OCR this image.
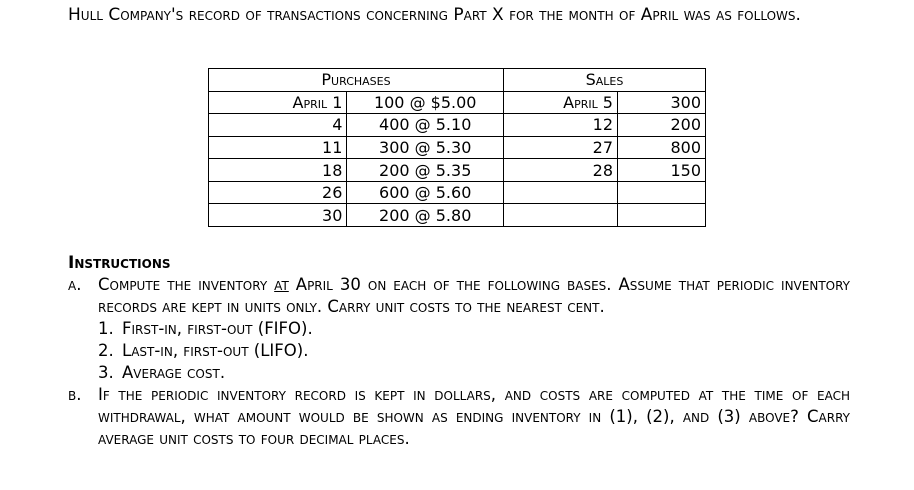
Hull Company's record of transactions concerning Part X for the month of April was as follows.
Purchases		Sales	
April 1	100 @ $5.00	April 5	300
4	400 @ 5.10	12	200
11	300 @ 5.30	27	800
18	200 @ 5.35	28	150
26	600 @ 5.60		
30	200 @ 5.80		
Instructions
a.	Compute the inventory at April 30 on each of the following bases. Assume that periodic inventory records are kept in units only. Carry unit costs to the nearest cent.
1. First-in, first-out (FIFO).
2. Last-in, first-out (LIFO).
3. Average cost.
b.	If the periodic inventory record is kept in dollars, and costs are computed at the time of each withdrawal, what amount would be shown as ending inventory in (1), (2), and (3) above? Carry average unit costs to four decimal places.
